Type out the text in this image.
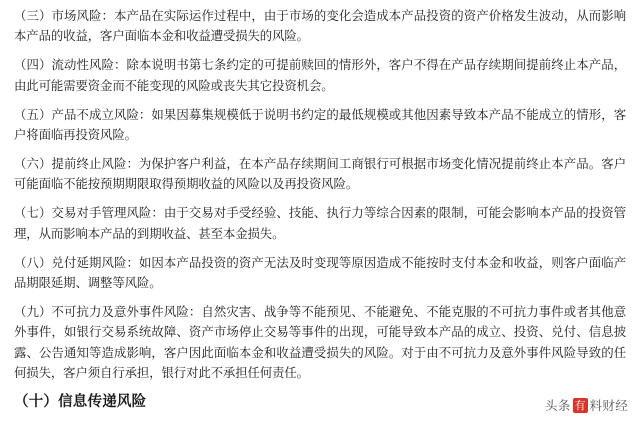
（三）市场风险：本产品在实际运作过程中，由于市场的变化会造成本产品投资的资产价格发生波动，从而影响本产品的收益，客户面临本金和收益遭受损失的风险。

（四）流动性风险：除本说明书第七条约定的可提前赎回的情形外，客户不得在产品存续期间提前终止本产品，由此可能需要资金而不能变现的风险或丧失其它投资机会。

（五）产品不成立风险：如果因募集规模低于说明书约定的最低规模或其他因素导致本产品不能成立的情形，客户将面临再投资风险。

（六）提前终止风险：为保护客户利益，在本产品存续期间工商银行可根据市场变化情况提前终止本产品。客户可能面临不能按预期期限取得预期收益的风险以及再投资风险。

（七）交易对手管理风险：由于交易对手受经验、技能、执行力等综合因素的限制，可能会影响本产品的投资管理，从而影响本产品的到期收益、甚至本金损失。

（八）兑付延期风险：如因本产品投资的资产无法及时变现等原因造成不能按时支付本金和收益，则客户面临产品期限延期、调整等风险。

（九）不可抗力及意外事件风险：自然灾害、战争等不能预见、不能避免、不能克服的不可抗力事件或者其他意外事件，如银行交易系统故障、资产市场停止交易等事件的出现，可能导致本产品的成立、投资、兑付、信息披露、公告通知等造成影响，客户因此面临本金和收益遭受损失的风险。对于由不可抗力及意外事件风险导致的任何损失，客户须自行承担，银行对此不承担任何责任。

（十）信息传递风险	头条 有 料财经
